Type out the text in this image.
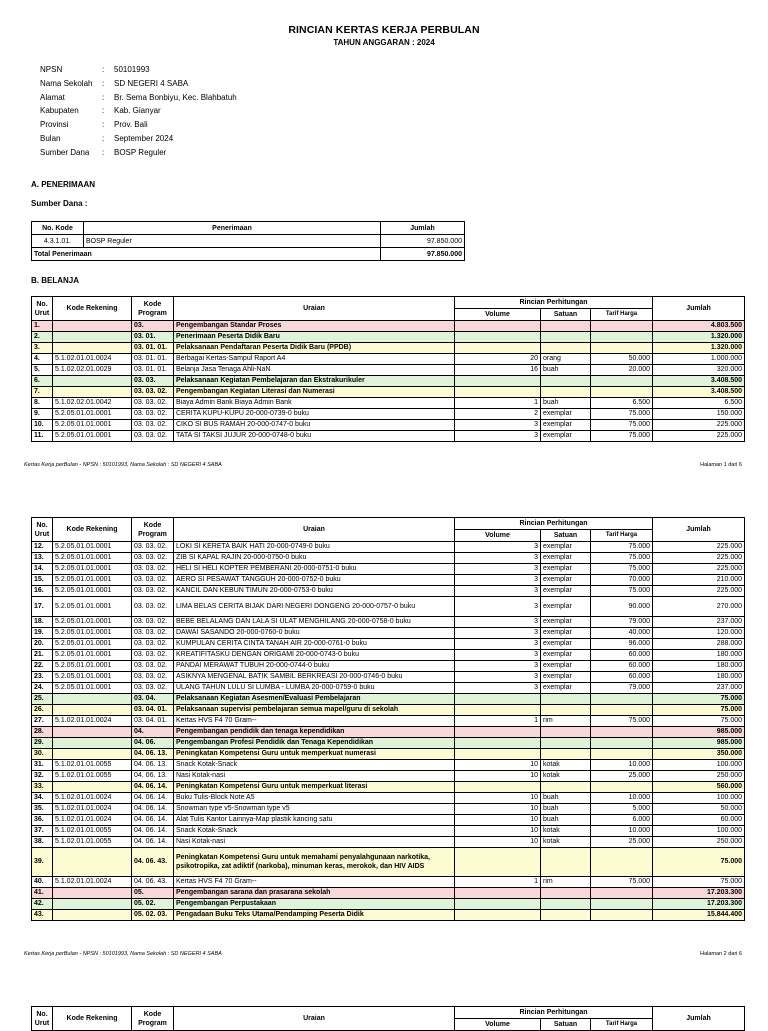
RINCIAN KERTAS KERJA PERBULAN
TAHUN ANGGARAN : 2024
NPSN	: 50101993
Nama Sekolah : SD NEGERI 4 SABA
Alamat	: Br. Sema Bonbiyu, Kec. Blahbatuh
Kabupaten	: Kab. Gianyar
Provinsi	: Prov. Bali
Bulan	: September 2024
Sumber Dana : BOSP Reguler
A. PENERIMAAN
Sumber Dana :
No. Kode	Penerimaan	Jumlah
4.3.1.01.	BOSP Reguler	97.850.000
Total Penerimaan		97.850.000
B. BELANJA
No.
Urut	Kode Rekening	Kode
Program	Uraian	Rincian Perhitungan			Jumlah
				Volume	Satuan	Tarif Harga	
1.		03.	Pengembangan Standar Proses				4.803.500
2.		03. 01.	Penerimaan Peserta Didik Baru				1.320.000
3.		03. 01. 01.	Pelaksanaan Pendaftaran Peserta Didik Baru (PPDB)				1.320.000
4.	5.1.02.01.01.0024	03. 01. 01.	Berbagai Kertas-Sampul Raport A4	20	orang	50.000	1.000.000
5.	5.1.02.02.01.0029	03. 01. 01.	Belanja Jasa Tenaga Ahli-NaN	16	buah	20.000	320.000
6.		03. 03.	Pelaksanaan Kegiatan Pembelajaran dan Ekstrakurikuler				3.408.500
7.		03. 03. 02.	Pengembangan Kegiatan Literasi dan Numerasi				3.408.500
8.	5.1.02.02.01.0042	03. 03. 02.	Biaya Admin Bank Biaya Admin Bank	1	buah	6.500	6.500
9.	5.2.05.01.01.0001	03. 03. 02.	CERITA KUPU-KUPU 20-000-0739-0 buku	2	exemplar	75.000	150.000
10.	5.2.05.01.01.0001	03. 03. 02.	CIKO SI BUS RAMAH 20-000-0747-0 buku	3	exemplar	75.000	225.000
11.	5.2.05.01.01.0001	03. 03. 02.	TATA SI TAKSI JUJUR 20-000-0748-0 buku	3	exemplar	75.000	225.000
Kertas Kerja perBulan - NPSN : 50101993, Nama Sekolah : SD NEGERI 4 SABA	Halaman 1 dari 6
No.
Urut	Kode Rekening	Kode
Program	Uraian	Rincian Perhitungan			Jumlah
				Volume	Satuan	Tarif Harga	
12.	5.2.05.01.01.0001	03. 03. 02.	LOKI SI KERETA BAIK HATI 20-000-0749-0 buku	3	exemplar	75.000	225.000
13.	5.2.05.01.01.0001	03. 03. 02.	ZIB SI KAPAL RAJIN 20-000-0750-0 buku	3	exemplar	75.000	225.000
14.	5.2.05.01.01.0001	03. 03. 02.	HELI SI HELI KOPTER PEMBERANI 20-000-0751-0 buku	3	exemplar	75.000	225.000
15.	5.2.05.01.01.0001	03. 03. 02.	AERO SI PESAWAT TANGGUH 20-000-0752-0 buku	3	exemplar	70.000	210.000
16.	5.2.05.01.01.0001	03. 03. 02.	KANCIL DAN KEBUN TIMUN 20-000-0753-0 buku	3	exemplar	75.000	225.000
17.	5.2.05.01.01.0001	03. 03. 02.	LIMA BELAS CERITA BIJAK DARI NEGERI DONGENG 20-000-0757-0 buku	3	exemplar	90.000	270.000
18.	5.2.05.01.01.0001	03. 03. 02.	BEBE BELALANG DAN LALA SI ULAT MENGHILANG 20-000-0758-0 buku	3	exemplar	79.000	237.000
19.	5.2.05.01.01.0001	03. 03. 02.	DAWAI SASANDO 20-000-0760-0 buku	3	exemplar	40.000	120.000
20.	5.2.05.01.01.0001	03. 03. 02.	KUMPULAN CERITA CINTA TANAH AIR 20-000-0761-0 buku	3	exemplar	96.000	288.000
21.	5.2.05.01.01.0001	03. 03. 02.	KREATIFITASKU DENGAN ORIGAMI 20-000-0743-0 buku	3	exemplar	60.000	180.000
22.	5.2.05.01.01.0001	03. 03. 02.	PANDAI MERAWAT TUBUH 20-000-0744-0 buku	3	exemplar	60.000	180.000
23.	5.2.05.01.01.0001	03. 03. 02.	ASIKNYA MENGENAL BATIK SAMBIL BERKREASI 20-000-0746-0 buku	3	exemplar	60.000	180.000
24.	5.2.05.01.01.0001	03. 03. 02.	ULANG TAHUN LULU SI LUMBA - LUMBA 20-000-0759-0 buku	3	exemplar	79.000	237.000
25.		03. 04.	Pelaksanaan Kegiatan Asesmen/Evaluasi Pembelajaran				75.000
26.		03. 04. 01.	Pelaksanaan supervisi pembelajaran semua mapel/guru di sekolah				75.000
27.	5.1.02.01.01.0024	03. 04. 01.	Kertas HVS F4 70 Gram--	1	rim	75.000	75.000
28.		04.	Pengembangan pendidik dan tenaga kependidikan				985.000
29.		04. 06.	Pengembangan Profesi Pendidik dan Tenaga Kependidikan				985.000
30.		04. 06. 13.	Peningkatan Kompetensi Guru untuk memperkuat numerasi				350.000
31.	5.1.02.01.01.0055	04. 06. 13.	Snack Kotak-Snack	10	kotak	10.000	100.000
32.	5.1.02.01.01.0055	04. 06. 13.	Nasi Kotak-nasi	10	kotak	25.000	250.000
33.		04. 06. 14.	Peningkatan Kompetensi Guru untuk memperkuat literasi				560.000
34.	5.1.02.01.01.0024	04. 06. 14.	Buku Tulis-Block Note A5	10	buah	10.000	100.000
35.	5.1.02.01.01.0024	04. 06. 14.	Snowman type v5-Snowman type v5	10	buah	5.000	50.000
36.	5.1.02.01.01.0024	04. 06. 14.	Alat Tulis Kantor Lainnya-Map plastik kancing satu	10	buah	6.000	60.000
37.	5.1.02.01.01.0055	04. 06. 14.	Snack Kotak-Snack	10	kotak	10.000	100.000
38.	5.1.02.01.01.0055	04. 06. 14.	Nasi Kotak-nasi	10	kotak	25.000	250.000
39.		04. 06. 43.	Peningkatan Kompetensi Guru untuk memahami penyalahgunaan narkotika, psikotropika, zat adiktif (narkoba), minuman keras, merokok, dan HIV AIDS				75.000
40.	5.1.02.01.01.0024	04. 06. 43.	Kertas HVS F4 70 Gram--	1	rim	75.000	75.000
41.		05.	Pengembangan sarana dan prasarana sekolah				17.203.300
42.		05. 02.	Pengembangan Perpustakaan				17.203.300
43.		05. 02. 03.	Pengadaan Buku Teks Utama/Pendamping Peserta Didik				15.844.400
Kertas Kerja perBulan - NPSN : 50101993, Nama Sekolah : SD NEGERI 4 SABA	Halaman 2 dari 6
No.
Urut	Kode Rekening	Kode
Program	Uraian	Rincian Perhitungan			Jumlah
				Volume	Satuan	Tarif Harga	
